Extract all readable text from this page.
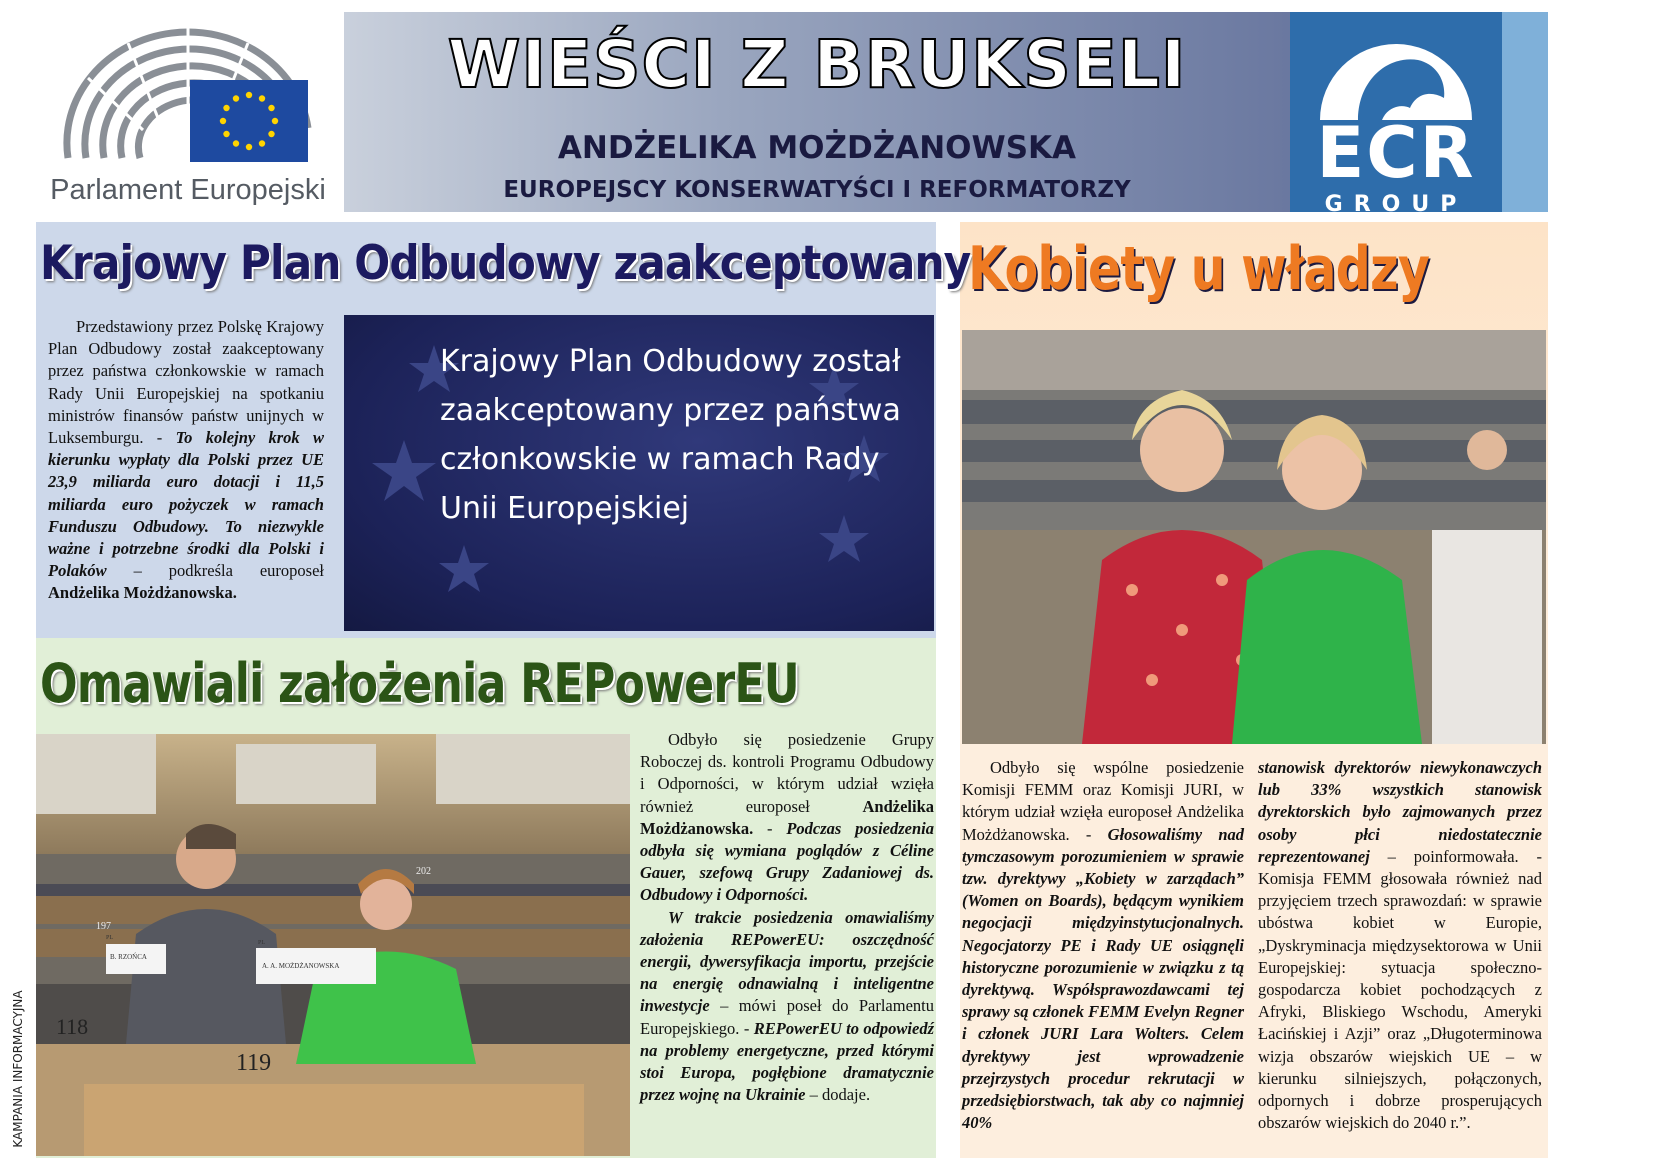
Parlament Europejski
WIEŚCI Z BRUKSELI
ANDŻELIKA MOŻDŻANOWSKA
EUROPEJSCY KONSERWATYŚCI I REFORMATORZY	ECR
GROUP
Krajowy Plan Odbudowy zaakceptowany

Przedstawiony przez Polskę Krajowy Plan Odbudowy został zaakceptowany przez państwa członkowskie w ramach Rady Unii Europejskiej na spotkaniu ministrów finansów państw unijnych w Luksemburgu. - To kolejny krok w kierunku wypłaty dla Polski przez UE 23,9 miliarda euro dotacji i 11,5 miliarda euro pożyczek w ramach Funduszu Odbudowy. To niezwykle ważne i potrzebne środki dla Polski i Polaków – podkreśla europoseł Andżelika Możdżanowska.

Krajowy Plan Odbudowy został zaakceptowany przez państwa członkowskie w ramach Rady Unii Europejskiej
Omawiali założenia REPowerEU
197
202
B. RZOŃCA
PL
A. A. MOŻDŻANOWSKA
PL
118
119

Odbyło się posiedzenie Grupy Roboczej ds. kontroli Programu Odbudowy i Odporności, w którym udział wzięła również europoseł	Andżelika Możdżanowska. - Podczas posiedzenia odbyła się wymiana poglądów z Céline Gauer, szefową Grupy Zadaniowej ds. Odbudowy i Odporności.

W trakcie posiedzenia omawialiśmy założenia REPowerEU: oszczędność energii, dywersyfikacja importu, przejście na energię odnawialną i inteligentne inwestycje – mówi poseł do Parlamentu Europejskiego. - REPowerEU to odpowiedź na problemy energetyczne, przed którymi stoi Europa, pogłębione dramatycznie przez wojnę na Ukrainie – dodaje.

Kobiety u władzy

Odbyło się wspólne posiedzenie Komisji FEMM oraz Komisji JURI, w którym udział wzięła europoseł Andżelika Możdżanowska. - Głosowaliśmy nad tymczasowym porozumieniem w sprawie tzw. dyrektywy „Kobiety w zarządach” (Women on Boards), będącym wynikiem negocjacji międzyinstytucjonalnych. Negocjatorzy PE i Rady UE osiągnęli historyczne porozumienie w związku z tą dyrektywą. Współsprawozdawcami tej sprawy są członek FEMM Evelyn Regner i członek JURI Lara Wolters. Celem dyrektywy jest wprowadzenie przejrzystych procedur rekrutacji w przedsiębiorstwach, tak aby co najmniej 40%

stanowisk dyrektorów niewykonawczych lub 33% wszystkich stanowisk dyrektorskich było zajmowanych przez osoby płci niedostatecznie reprezentowanej – poinformowała. - Komisja FEMM głosowała również nad przyjęciem trzech sprawozdań: w sprawie ubóstwa kobiet w Europie, „Dyskryminacja międzysektorowa w Unii Europejskiej: sytuacja społeczno-gospodarcza kobiet pochodzących z Afryki, Bliskiego Wschodu, Ameryki Łacińskiej i Azji” oraz „Długoterminowa wizja obszarów wiejskich UE – w kierunku silniejszych, połączonych, odpornych i dobrze prosperujących obszarów wiejskich do 2040 r.”.

KAMPANIA INFORMACYJNA
